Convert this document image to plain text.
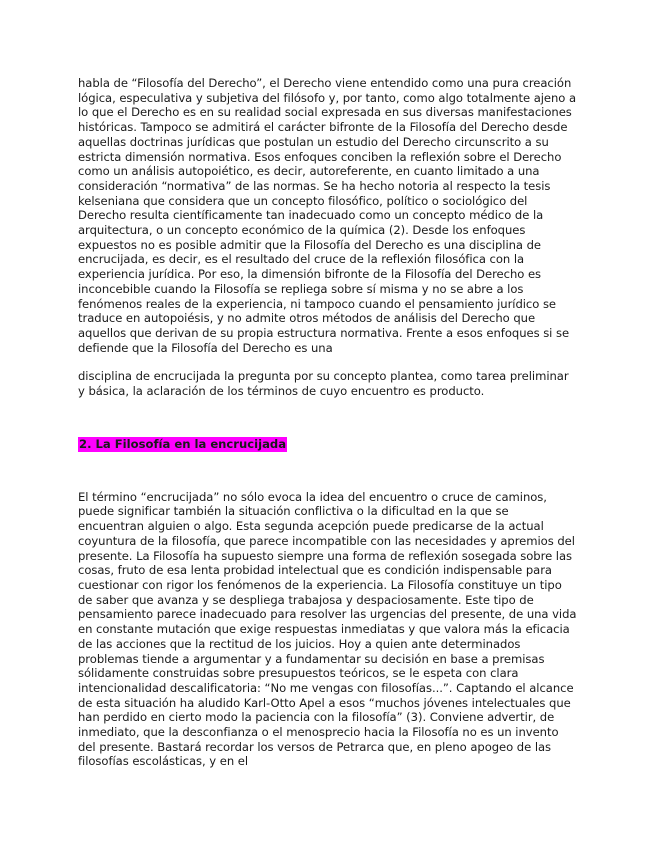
habla de “Filosofía del Derecho”, el Derecho viene entendido como una pura creación lógica, especulativa y subjetiva del filósofo y, por tanto, como algo totalmente ajeno a lo que el Derecho es en su realidad social expresada en sus diversas manifestaciones históricas. Tampoco se admitirá el carácter bifronte de la Filosofía del Derecho desde aquellas doctrinas jurídicas que postulan un estudio del Derecho circunscrito a su estricta dimensión normativa. Esos enfoques conciben la reflexión sobre el Derecho como un análisis autopoiético, es decir, autoreferente, en cuanto limitado a una consideración “normativa” de las normas. Se ha hecho notoria al respecto la tesis kelseniana que considera que un concepto filosófico, político o sociológico del Derecho resulta científicamente tan inadecuado como un concepto médico de la arquitectura, o un concepto económico de la química (2). Desde los enfoques expuestos no es posible admitir que la Filosofía del Derecho es una disciplina de encrucijada, es decir, es el resultado del cruce de la reflexión filosófica con la experiencia jurídica. Por eso, la dimensión bifronte de la Filosofía del Derecho es inconcebible cuando la Filosofía se repliega sobre sí misma y no se abre a los fenómenos reales de la experiencia, ni tampoco cuando el pensamiento jurídico se traduce en autopoiésis, y no admite otros métodos de análisis del Derecho que aquellos que derivan de su propia estructura normativa. Frente a esos enfoques si se defiende que la Filosofía del Derecho es una

disciplina de encrucijada la pregunta por su concepto plantea, como tarea preliminar y básica, la aclaración de los términos de cuyo encuentro es producto.

2. La Filosofía en la encrucijada

El término “encrucijada” no sólo evoca la idea del encuentro o cruce de caminos, puede significar también la situación conflictiva o la dificultad en la que se encuentran alguien o algo. Esta segunda acepción puede predicarse de la actual coyuntura de la filosofía, que parece incompatible con las necesidades y apremios del presente. La Filosofía ha supuesto siempre una forma de reflexión sosegada sobre las cosas, fruto de esa lenta probidad intelectual que es condición indispensable para cuestionar con rigor los fenómenos de la experiencia. La Filosofía constituye un tipo de saber que avanza y se despliega trabajosa y despaciosamente. Este tipo de pensamiento parece inadecuado para resolver las urgencias del presente, de una vida en constante mutación que exige respuestas inmediatas y que valora más la eficacia de las acciones que la rectitud de los juicios. Hoy a quien ante determinados problemas tiende a argumentar y a fundamentar su decisión en base a premisas sólidamente construidas sobre presupuestos teóricos, se le espeta con clara intencionalidad descalificatoria: “No me vengas con filosofías...”. Captando el alcance de esta situación ha aludido Karl-Otto Apel a esos “muchos jóvenes intelectuales que han perdido en cierto modo la paciencia con la filosofía” (3). Conviene advertir, de inmediato, que la desconfianza o el menosprecio hacia la Filosofía no es un invento del presente. Bastará recordar los versos de Petrarca que, en pleno apogeo de las filosofías escolásticas, y en el
